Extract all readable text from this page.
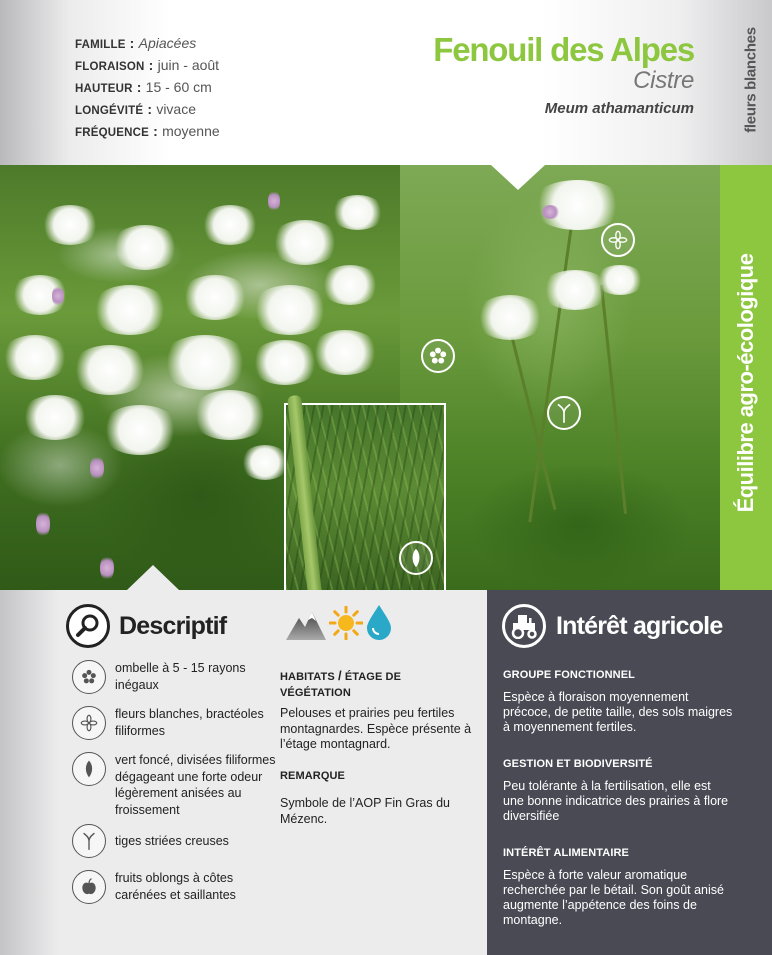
FAMILLE : Apiacées
FLORAISON : juin - août
HAUTEUR : 15 - 60 cm
LONGÉVITÉ : vivace
FRÉQUENCE : moyenne
Fenouil des Alpes
Cistre
Meum athamanticum	fleurs blanches
Équilibre agro-écologique
Descriptif
ombelle à 5 - 15 rayons inégaux
fleurs blanches, bractéoles filiformes
vert foncé, divisées filiformes dégageant une forte odeur légèrement anisées au froissement
tiges striées creuses
fruits oblongs à côtes carénées et saillantes
HABITATS / ÉTAGE DE VÉGÉTATION

Pelouses et prairies peu fertiles montagnardes. Espèce présente à l’étage montagnard.

REMARQUE

Symbole de l’AOP Fin Gras du Mézenc.

Intérêt agricole
GROUPE FONCTIONNEL

Espèce à floraison moyennement précoce, de petite taille, des sols maigres à moyennement fertiles.

GESTION ET BIODIVERSITÉ

Peu tolérante à la fertilisation, elle est une bonne indicatrice des prairies à flore diversifiée

INTÉRÊT ALIMENTAIRE

Espèce à forte valeur aromatique recherchée par le bétail. Son goût anisé augmente l’appétence des foins de montagne.
